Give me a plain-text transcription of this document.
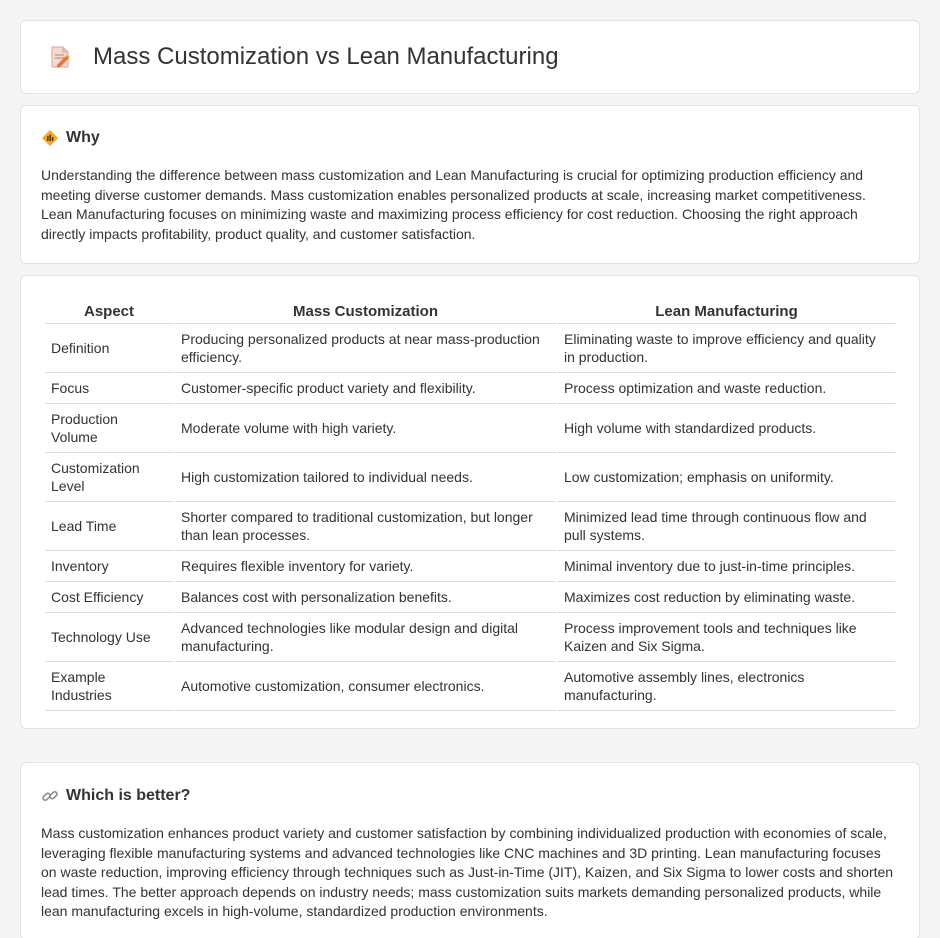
Mass Customization vs Lean Manufacturing
Why

Understanding the difference between mass customization and Lean Manufacturing is crucial for optimizing production efficiency and meeting diverse customer demands. Mass customization enables personalized products at scale, increasing market competitiveness. Lean Manufacturing focuses on minimizing waste and maximizing process efficiency for cost reduction. Choosing the right approach directly impacts profitability, product quality, and customer satisfaction.

Aspect	Mass Customization	Lean Manufacturing
Definition	Producing personalized products at near mass-production efficiency.	Eliminating waste to improve efficiency and quality in production.
Focus	Customer-specific product variety and flexibility.	Process optimization and waste reduction.
Production Volume	Moderate volume with high variety.	High volume with standardized products.
Customization Level	High customization tailored to individual needs.	Low customization; emphasis on uniformity.
Lead Time	Shorter compared to traditional customization, but longer than lean processes.	Minimized lead time through continuous flow and pull systems.
Inventory	Requires flexible inventory for variety.	Minimal inventory due to just-in-time principles.
Cost Efficiency	Balances cost with personalization benefits.	Maximizes cost reduction by eliminating waste.
Technology Use	Advanced technologies like modular design and digital manufacturing.	Process improvement tools and techniques like Kaizen and Six Sigma.
Example Industries	Automotive customization, consumer electronics.	Automotive assembly lines, electronics manufacturing.
Which is better?

Mass customization enhances product variety and customer satisfaction by combining individualized production with economies of scale, leveraging flexible manufacturing systems and advanced technologies like CNC machines and 3D printing. Lean manufacturing focuses on waste reduction, improving efficiency through techniques such as Just-in-Time (JIT), Kaizen, and Six Sigma to lower costs and shorten lead times. The better approach depends on industry needs; mass customization suits markets demanding personalized products, while lean manufacturing excels in high-volume, standardized production environments.
